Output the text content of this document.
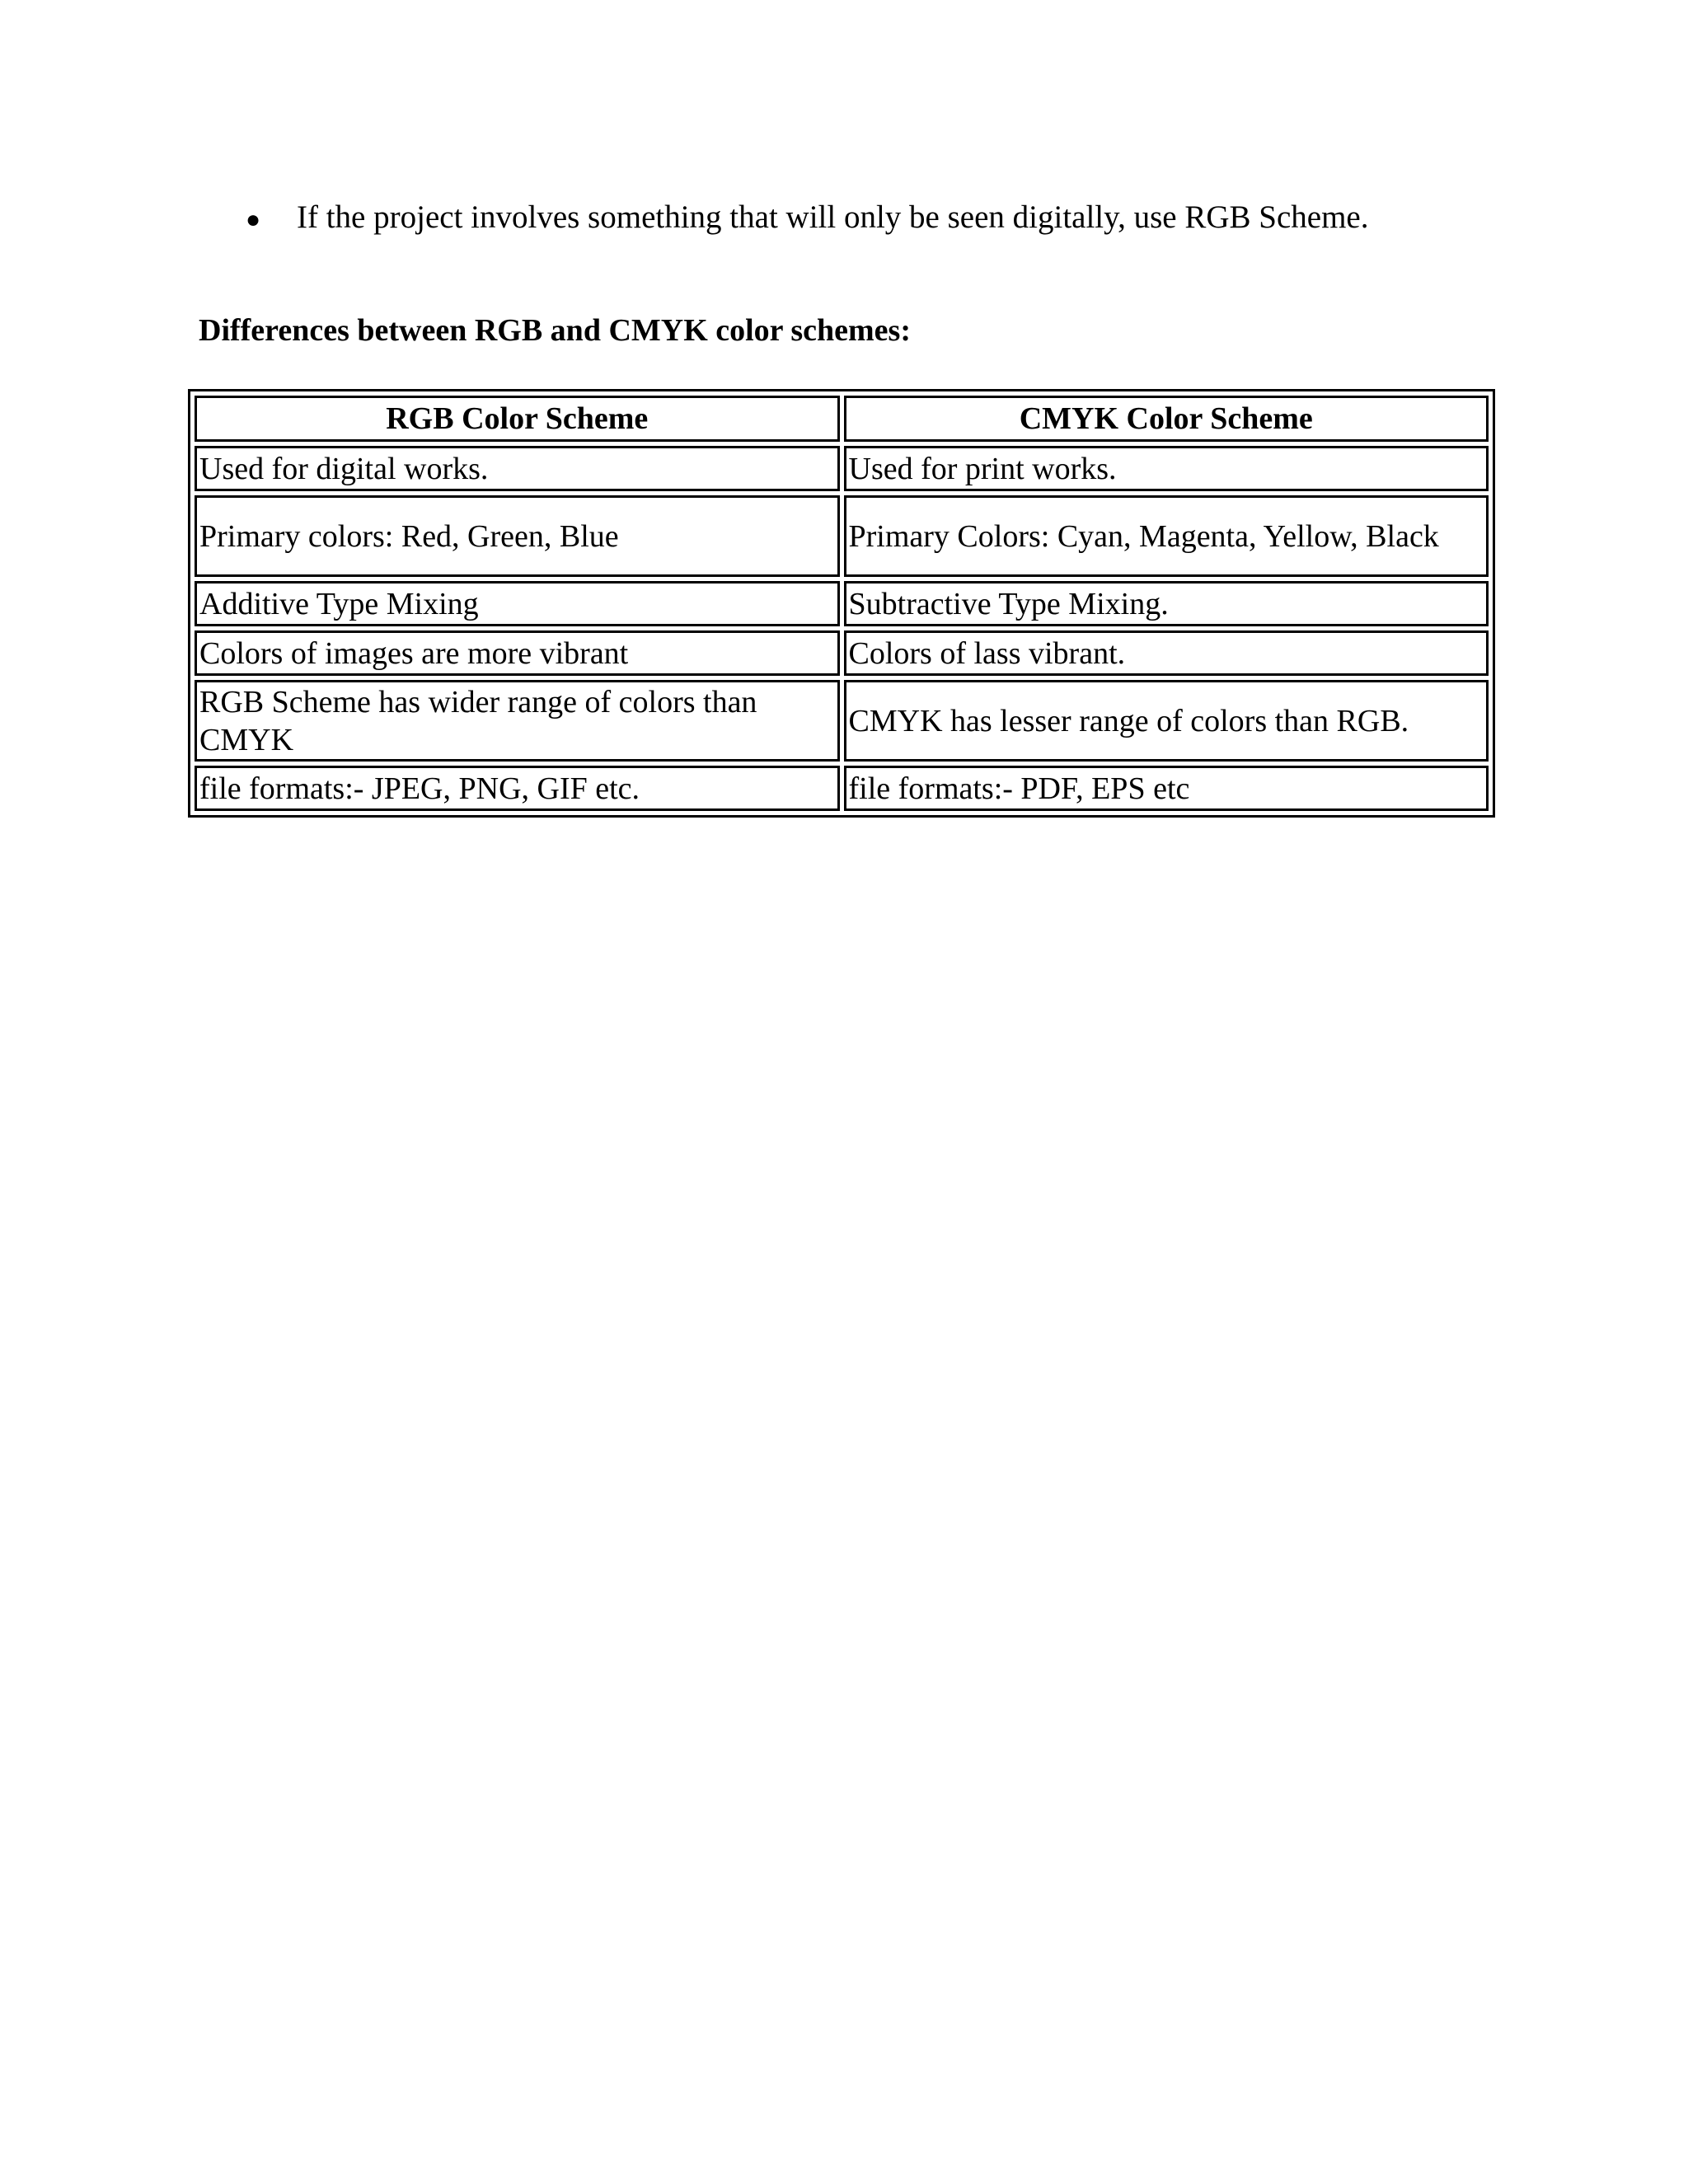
●	If the project involves something that will only be seen digitally, use RGB Scheme.
Differences between RGB and CMYK color schemes:
RGB Color Scheme	CMYK Color Scheme
Used for digital works.	Used for print works.
Primary colors: Red, Green, Blue	Primary Colors: Cyan, Magenta, Yellow, Black
Additive Type Mixing	Subtractive Type Mixing.
Colors of images are more vibrant	Colors of lass vibrant.
RGB Scheme has wider range of colors than CMYK	CMYK has lesser range of colors than RGB.
file formats:- JPEG, PNG, GIF etc.	file formats:- PDF, EPS etc
